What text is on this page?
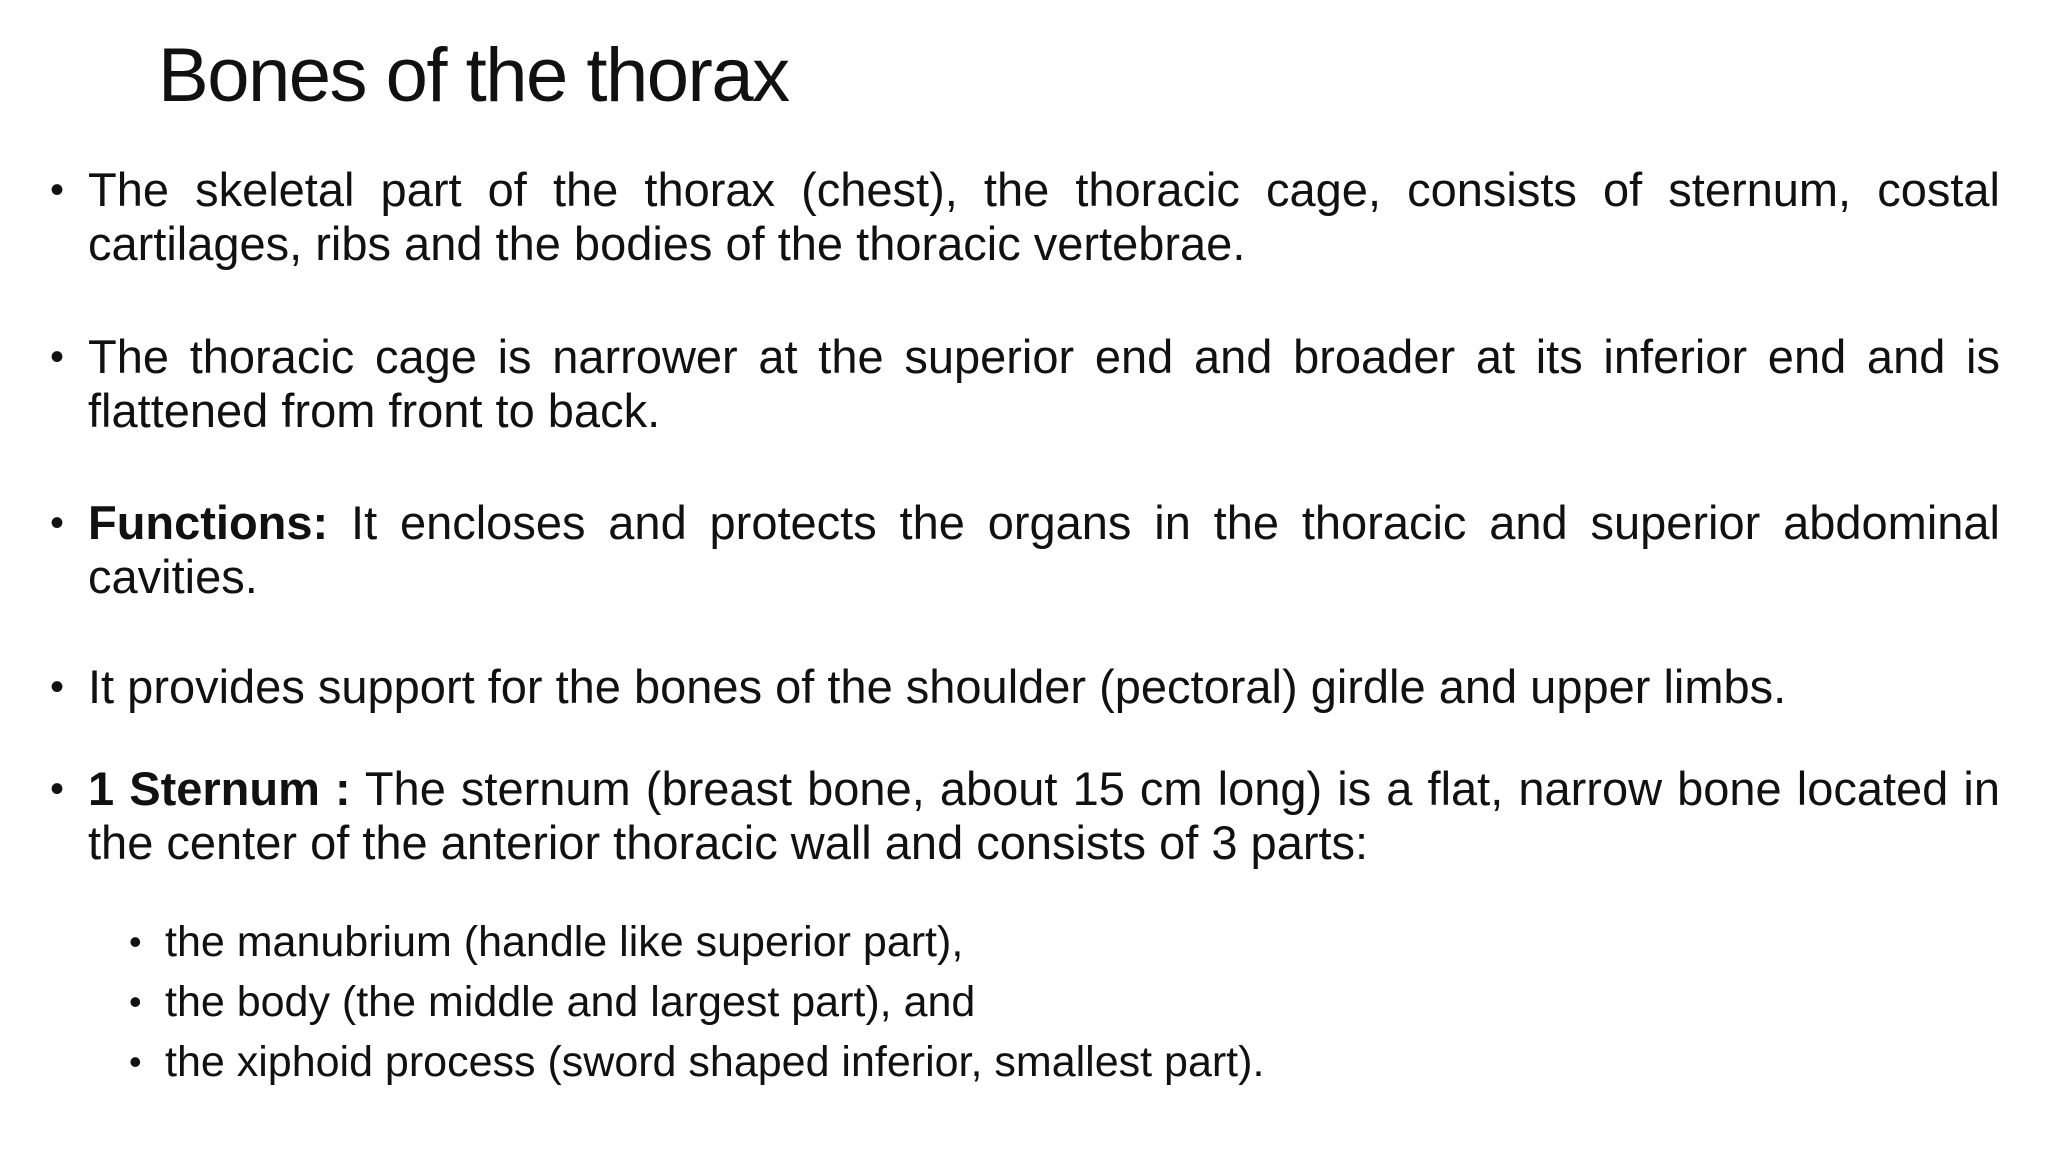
Bones of the thorax

• The skeletal part of the thorax (chest), the thoracic cage, consists of sternum, costal cartilages, ribs and the bodies of the thoracic vertebrae.

• The thoracic cage is narrower at the superior end and broader at its inferior end and is flattened from front to back.

• Functions: It encloses and protects the organs in the thoracic and superior abdominal cavities.

• It provides support for the bones of the shoulder (pectoral) girdle and upper limbs.

• 1 Sternum : The sternum (breast bone, about 15 cm long) is a flat, narrow bone located in the center of the anterior thoracic wall and consists of 3 parts:

• the manubrium (handle like superior part),
• the body (the middle and largest part), and
• the xiphoid process (sword shaped inferior, smallest part).
